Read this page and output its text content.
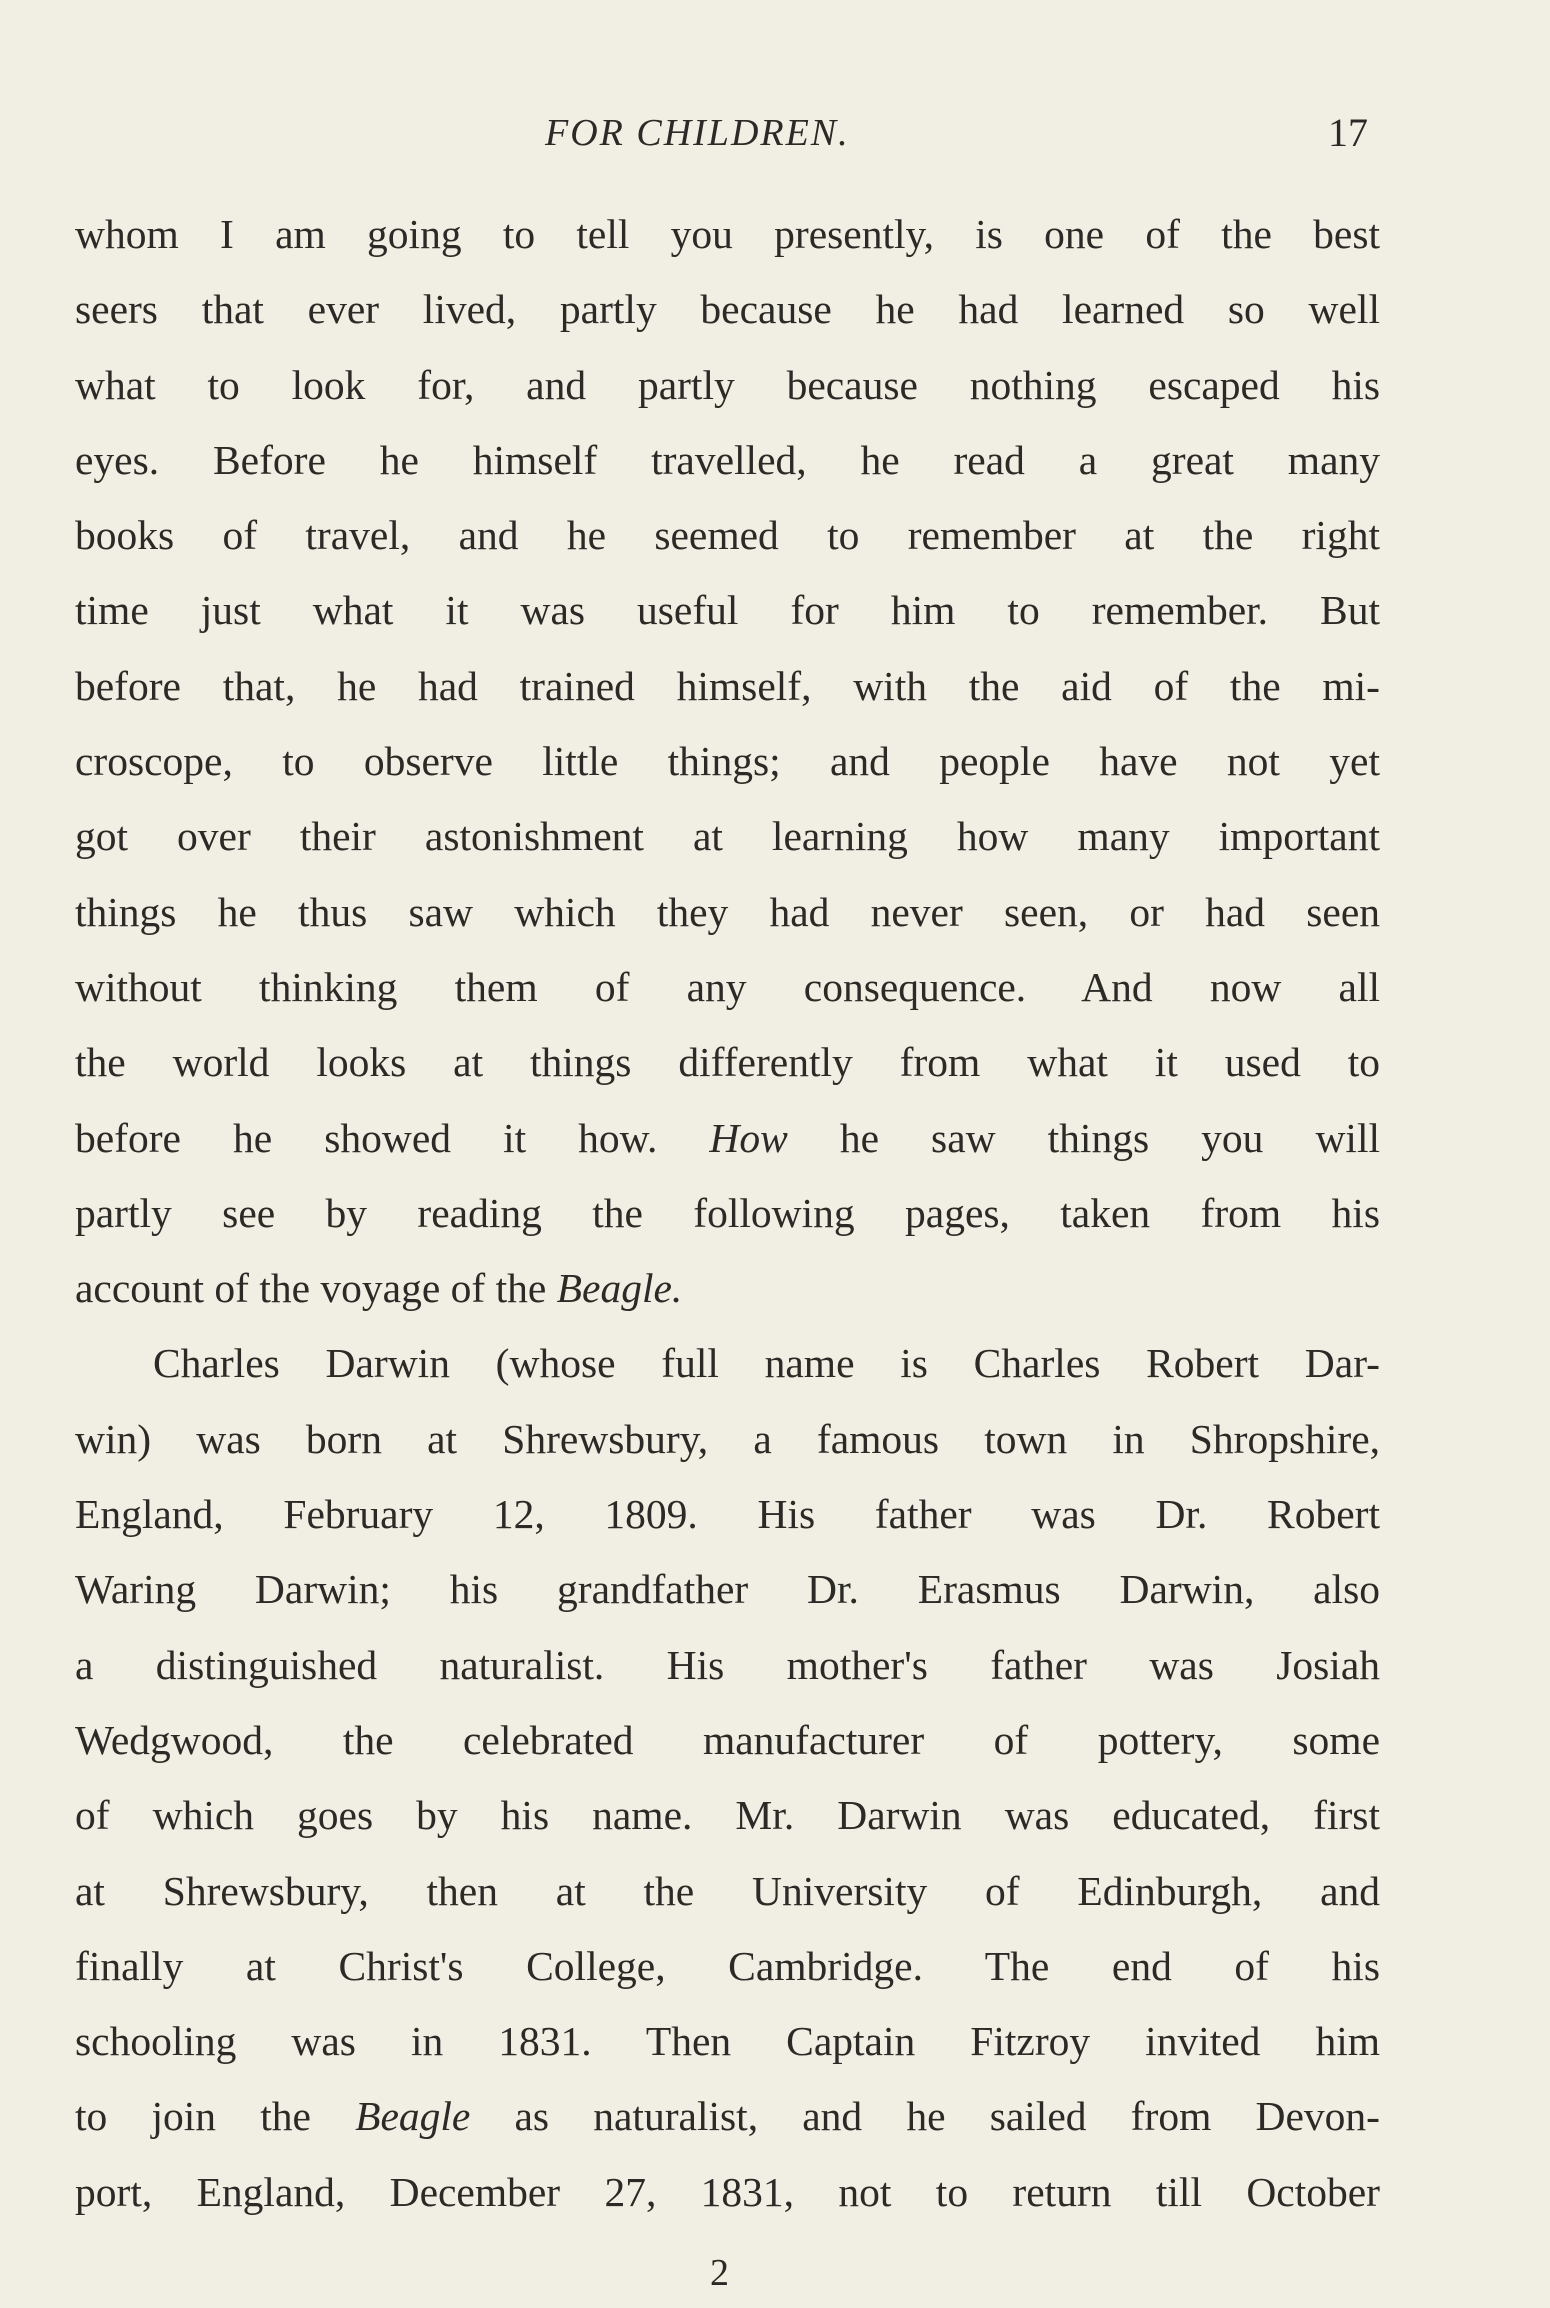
FOR CHILDREN.	17
whom I am going to tell you presently, is one of the best
seers that ever lived, partly because he had learned so well
what to look for, and partly because nothing escaped his
eyes. Before he himself travelled, he read a great many
books of travel, and he seemed to remember at the right
time just what it was useful for him to remember. But
before that, he had trained himself, with the aid of the mi-
croscope, to observe little things; and people have not yet
got over their astonishment at learning how many important
things he thus saw which they had never seen, or had seen
without thinking them of any consequence. And now all
the world looks at things differently from what it used to
before he showed it how. How he saw things you will
partly see by reading the following pages, taken from his
account of the voyage of the Beagle.
Charles Darwin (whose full name is Charles Robert Dar-
win) was born at Shrewsbury, a famous town in Shropshire,
England, February 12, 1809. His father was Dr. Robert
Waring Darwin; his grandfather Dr. Erasmus Darwin, also
a distinguished naturalist. His mother's father was Josiah
Wedgwood, the celebrated manufacturer of pottery, some
of which goes by his name. Mr. Darwin was educated, first
at Shrewsbury, then at the University of Edinburgh, and
finally at Christ's College, Cambridge. The end of his
schooling was in 1831. Then Captain Fitzroy invited him
to join the Beagle as naturalist, and he sailed from Devon-
port, England, December 27, 1831, not to return till October
2
